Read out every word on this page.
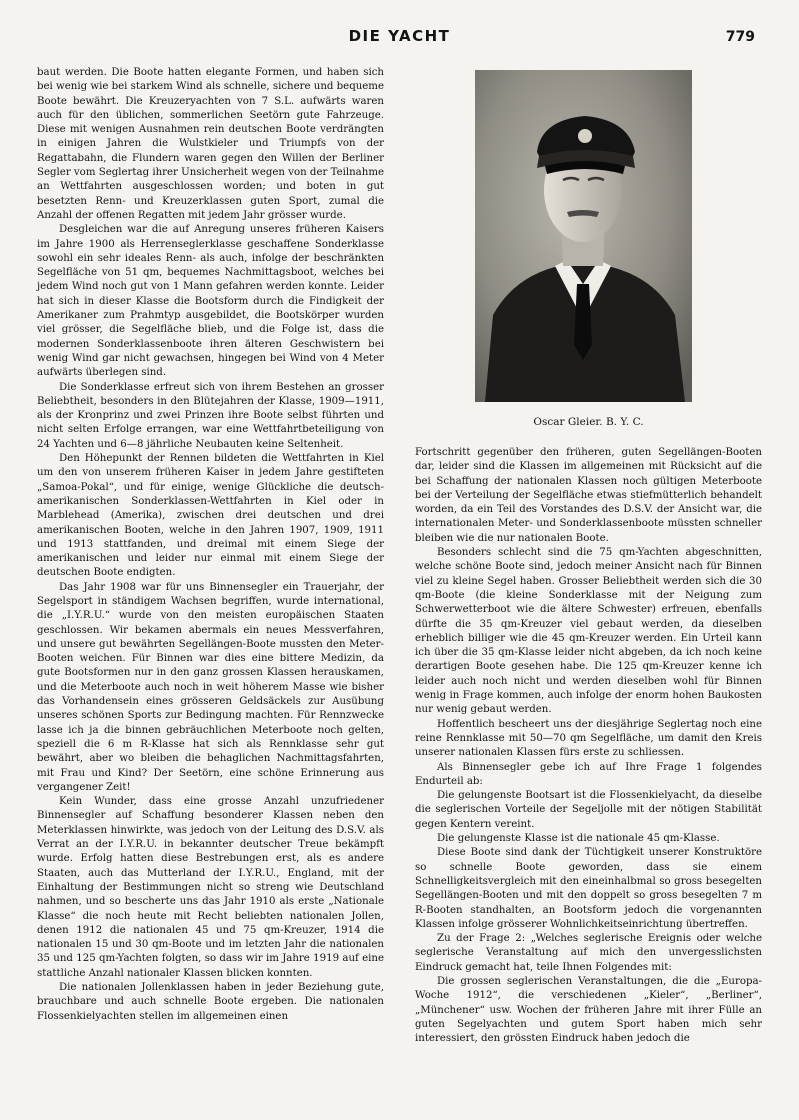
DIE YACHT	779

baut werden. Die Boote hatten elegante Formen, und haben sich bei wenig wie bei starkem Wind als schnelle, sichere und bequeme Boote bewährt. Die Kreuzeryachten von 7 S.L. aufwärts waren auch für den üblichen, sommerlichen Seetörn gute Fahrzeuge. Diese mit wenigen Ausnahmen rein deutschen Boote verdrängten in einigen Jahren die Wulstkieler und Triumpfs von der Regattabahn, die Flundern waren gegen den Willen der Berliner Segler vom Seglertag ihrer Unsicherheit wegen von der Teilnahme an Wettfahrten ausgeschlossen worden; und boten in gut besetzten Renn- und Kreuzerklassen guten Sport, zumal die Anzahl der offenen Regatten mit jedem Jahr grösser wurde.

Desgleichen war die auf Anregung unseres früheren Kaisers im Jahre 1900 als Herrenseglerklasse geschaffene Sonderklasse sowohl ein sehr ideales Renn- als auch, infolge der beschränkten Segelfläche von 51 qm, bequemes Nachmittagsboot, welches bei jedem Wind noch gut von 1 Mann gefahren werden konnte. Leider hat sich in dieser Klasse die Bootsform durch die Findigkeit der Amerikaner zum Prahmtyp ausgebildet, die Bootskörper wurden viel grösser, die Segelfläche blieb, und die Folge ist, dass die modernen Sonderklassenboote ihren älteren Geschwistern bei wenig Wind gar nicht gewachsen, hingegen bei Wind von 4 Meter aufwärts überlegen sind.

Die Sonderklasse erfreut sich von ihrem Bestehen an grosser Beliebtheit, besonders in den Blütejahren der Klasse, 1909—1911, als der Kronprinz und zwei Prinzen ihre Boote selbst führten und nicht selten Erfolge errangen, war eine Wettfahrtbeteiligung von 24 Yachten und 6—8 jährliche Neubauten keine Seltenheit.

Den Höhepunkt der Rennen bildeten die Wettfahrten in Kiel um den von unserem früheren Kaiser in jedem Jahre gestifteten „Samoa-Pokal“, und für einige, wenige Glückliche die deutsch-amerikanischen Sonderklassen-Wettfahrten in Kiel oder in Marblehead (Amerika), zwischen drei deutschen und drei amerikanischen Booten, welche in den Jahren 1907, 1909, 1911 und 1913 stattfanden, und dreimal mit einem Siege der amerikanischen und leider nur einmal mit einem Siege der deutschen Boote endigten.

Das Jahr 1908 war für uns Binnensegler ein Trauerjahr, der Segelsport in ständigem Wachsen begriffen, wurde international, die „I.Y.R.U.“ wurde von den meisten europäischen Staaten geschlossen. Wir bekamen abermals ein neues Messverfahren, und unsere gut bewährten Segellängen-Boote mussten den Meter-Booten weichen. Für Binnen war dies eine bittere Medizin, da gute Bootsformen nur in den ganz grossen Klassen herauskamen, und die Meterboote auch noch in weit höherem Masse wie bisher das Vorhandensein eines grösseren Geldsäckels zur Ausübung unseres schönen Sports zur Bedingung machten. Für Rennzwecke lasse ich ja die binnen gebräuchlichen Meterboote noch gelten, speziell die 6 m R-Klasse hat sich als Rennklasse sehr gut bewährt, aber wo bleiben die behaglichen Nachmittagsfahrten, mit Frau und Kind? Der Seetörn, eine schöne Erinnerung aus vergangener Zeit!

Kein Wunder, dass eine grosse Anzahl unzufriedener Binnensegler auf Schaffung besonderer Klassen neben den Meterklassen hinwirkte, was jedoch von der Leitung des D.S.V. als Verrat an der I.Y.R.U. in bekannter deutscher Treue bekämpft wurde. Erfolg hatten diese Bestrebungen erst, als es andere Staaten, auch das Mutterland der I.Y.R.U., England, mit der Einhaltung der Bestimmungen nicht so streng wie Deutschland nahmen, und so bescherte uns das Jahr 1910 als erste „Nationale Klasse“ die noch heute mit Recht beliebten nationalen Jollen, denen 1912 die nationalen 45 und 75 qm-Kreuzer, 1914 die nationalen 15 und 30 qm-Boote und im letzten Jahr die nationalen 35 und 125 qm-Yachten folgten, so dass wir im Jahre 1919 auf eine stattliche Anzahl nationaler Klassen blicken konnten.

Die nationalen Jollenklassen haben in jeder Beziehung gute, brauchbare und auch schnelle Boote ergeben. Die nationalen Flossenkielyachten stellen im allgemeinen einen

Oscar Gleier. B. Y. C.

Fortschritt gegenüber den früheren, guten Segellängen-Booten dar, leider sind die Klassen im allgemeinen mit Rücksicht auf die bei Schaffung der nationalen Klassen noch gültigen Meterboote bei der Verteilung der Segelfläche etwas stiefmütterlich behandelt worden, da ein Teil des Vorstandes des D.S.V. der Ansicht war, die internationalen Meter- und Sonderklassenboote müssten schneller bleiben wie die nur nationalen Boote.

Besonders schlecht sind die 75 qm-Yachten abgeschnitten, welche schöne Boote sind, jedoch meiner Ansicht nach für Binnen viel zu kleine Segel haben. Grosser Beliebtheit werden sich die 30 qm-Boote (die kleine Sonderklasse mit der Neigung zum Schwerwetterboot wie die ältere Schwester) erfreuen, ebenfalls dürfte die 35 qm-Kreuzer viel gebaut werden, da dieselben erheblich billiger wie die 45 qm-Kreuzer werden. Ein Urteil kann ich über die 35 qm-Klasse leider nicht abgeben, da ich noch keine derartigen Boote gesehen habe. Die 125 qm-Kreuzer kenne ich leider auch noch nicht und werden dieselben wohl für Binnen wenig in Frage kommen, auch infolge der enorm hohen Baukosten nur wenig gebaut werden.

Hoffentlich bescheert uns der diesjährige Seglertag noch eine reine Rennklasse mit 50—70 qm Segelfläche, um damit den Kreis unserer nationalen Klassen fürs erste zu schliessen.

Als Binnensegler gebe ich auf Ihre Frage 1 folgendes Endurteil ab:

Die gelungenste Bootsart ist die Flossenkielyacht, da dieselbe die seglerischen Vorteile der Segeljolle mit der nötigen Stabilität gegen Kentern vereint.

Die gelungenste Klasse ist die nationale 45 qm-Klasse.

Diese Boote sind dank der Tüchtigkeit unserer Konstruktöre so schnelle Boote geworden, dass sie einem Schnelligkeitsvergleich mit den eineinhalbmal so gross besegelten Segellängen-Booten und mit den doppelt so gross besegelten 7 m R-Booten standhalten, an Bootsform jedoch die vorgenannten Klassen infolge grösserer Wohnlichkeitseinrichtung übertreffen.

Zu der Frage 2: „Welches seglerische Ereignis oder welche seglerische Veranstaltung auf mich den unvergesslichsten Eindruck gemacht hat, teile Ihnen Folgendes mit:

Die grossen seglerischen Veranstaltungen, die die „Europa-Woche 1912“, die verschiedenen „Kieler“, „Berliner“, „Münchener“ usw. Wochen der früheren Jahre mit ihrer Fülle an guten Segelyachten und gutem Sport haben mich sehr interessiert, den grössten Eindruck haben jedoch die
